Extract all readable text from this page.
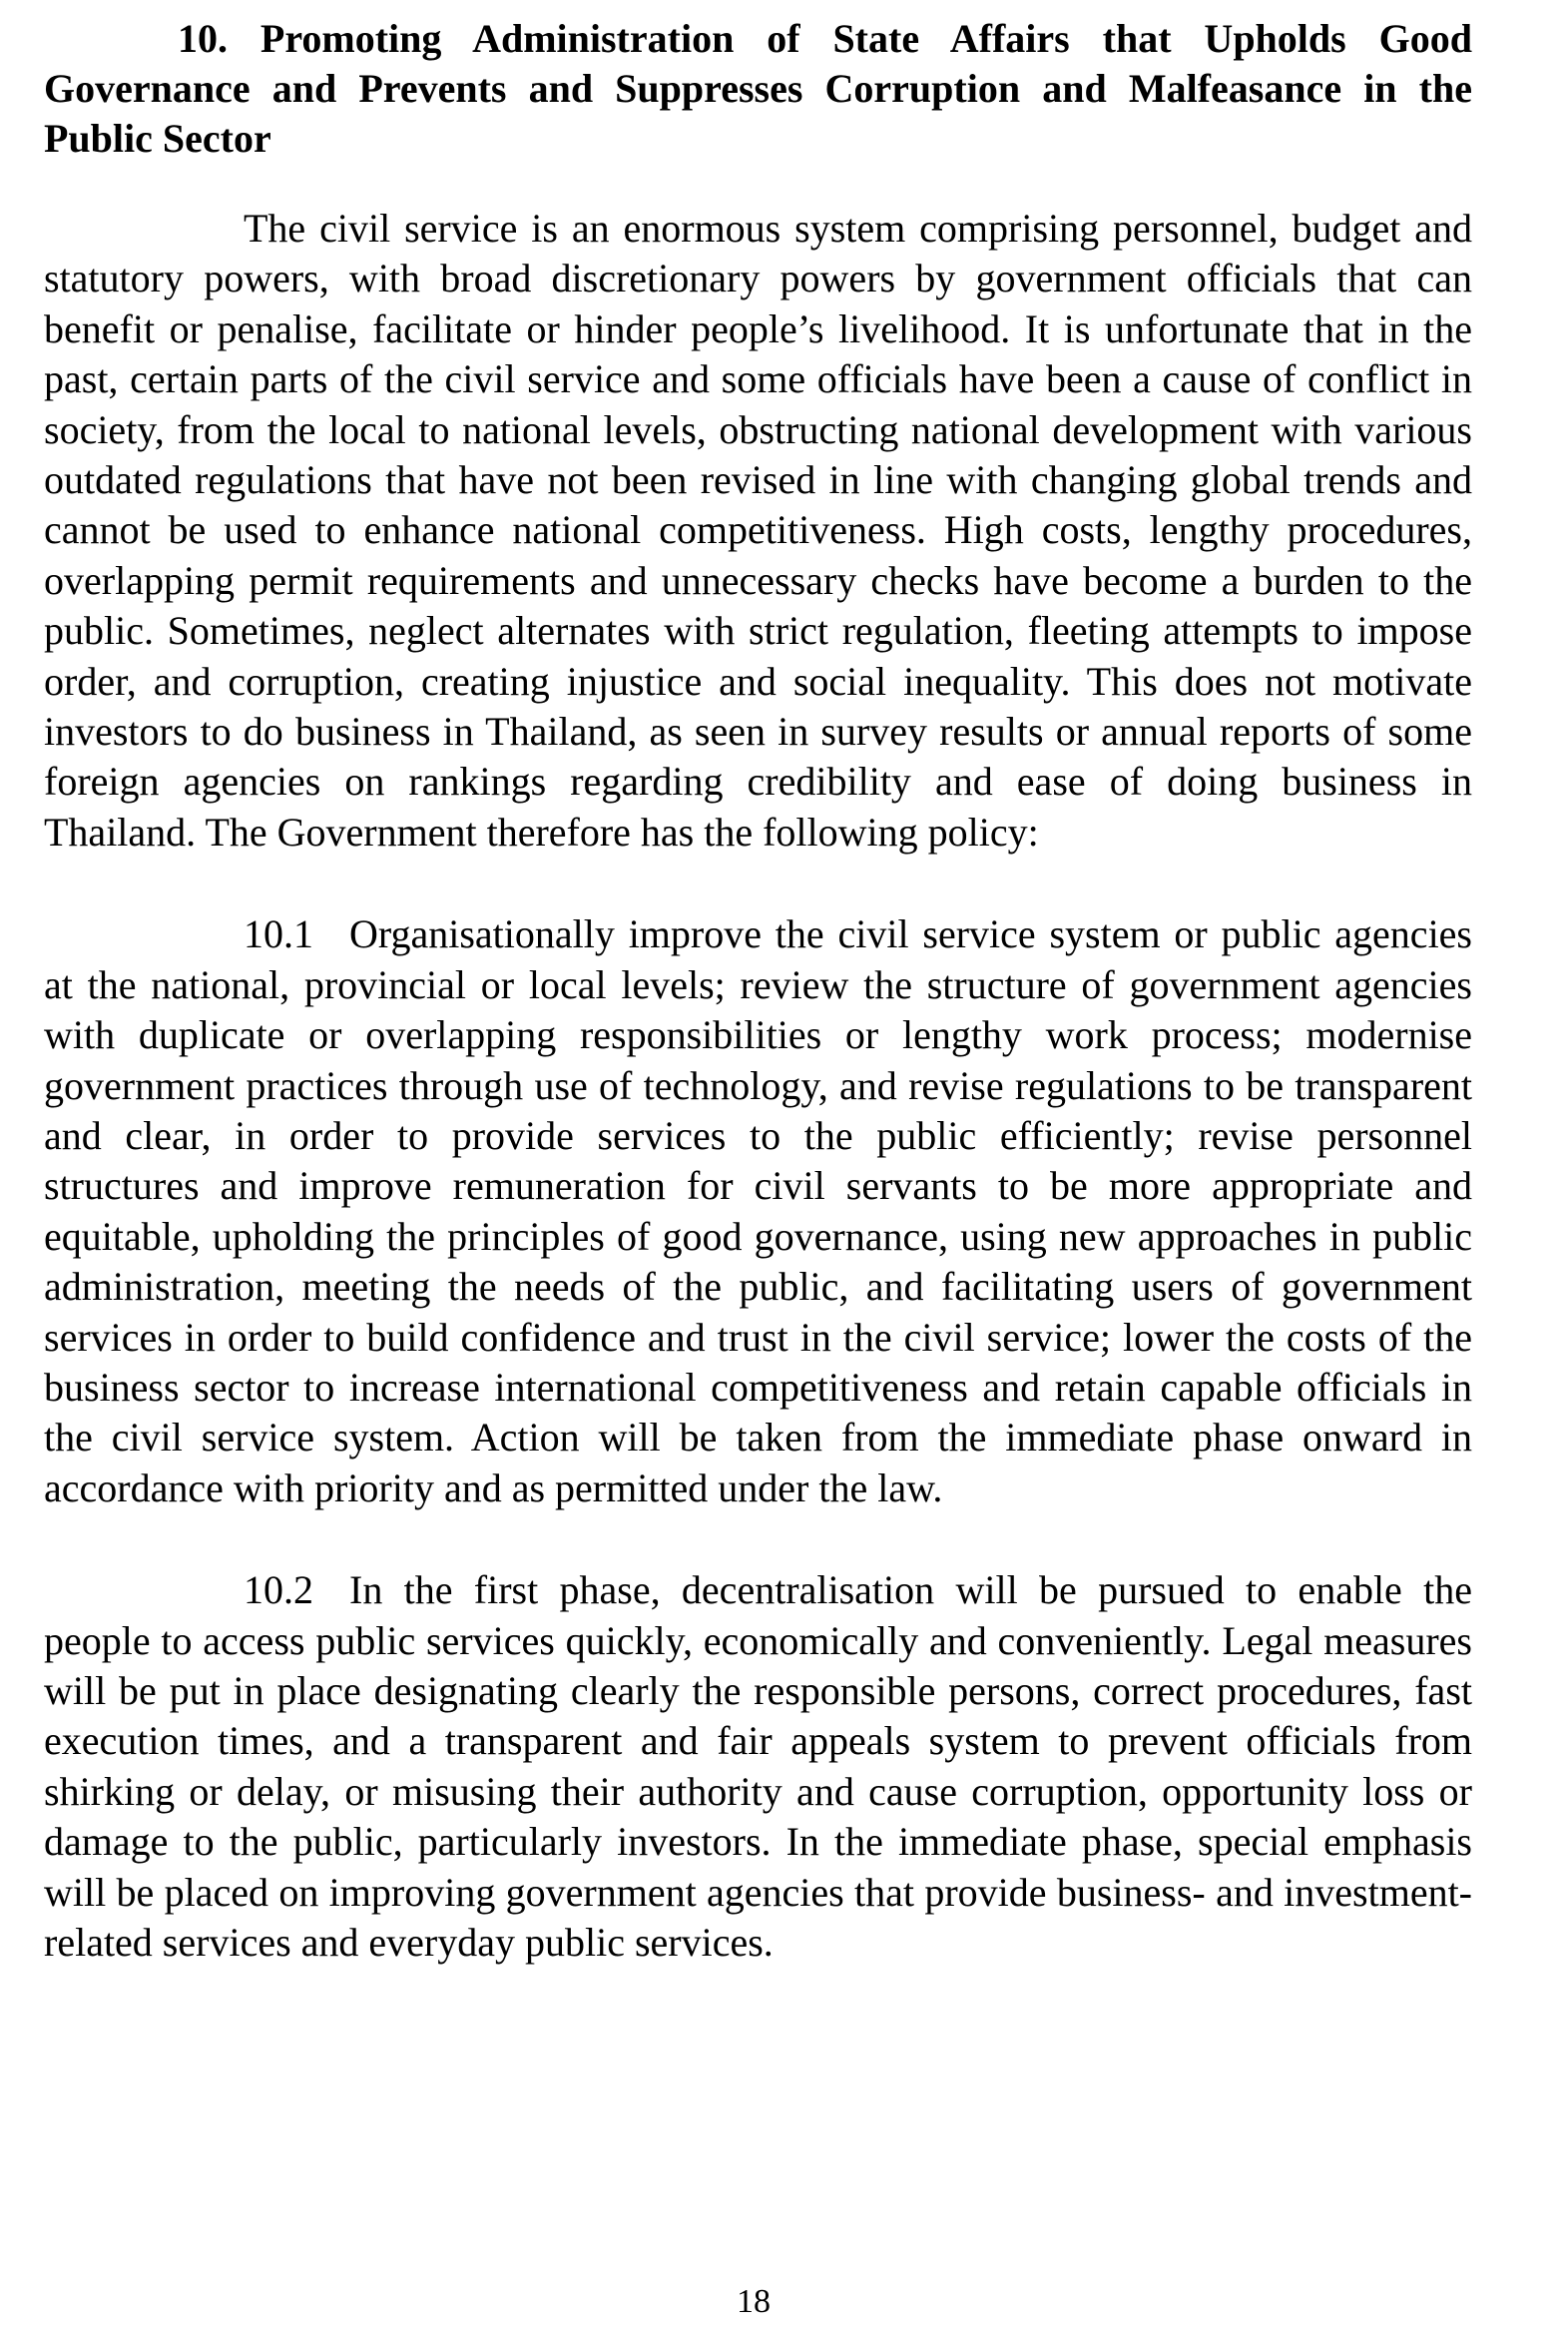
10. Promoting Administration of State Affairs that Upholds Good Governance and Prevents and Suppresses Corruption and Malfeasance in the Public Sector

The civil service is an enormous system comprising personnel, budget and statutory powers, with broad discretionary powers by government officials that can benefit or penalise, facilitate or hinder people’s livelihood. It is unfortunate that in the past, certain parts of the civil service and some officials have been a cause of conflict in society, from the local to national levels, obstructing national development with various outdated regulations that have not been revised in line with changing global trends and cannot be used to enhance national competitiveness. High costs, lengthy procedures, overlapping permit requirements and unnecessary checks have become a burden to the public. Sometimes, neglect alternates with strict regulation, fleeting attempts to impose order, and corruption, creating injustice and social inequality. This does not motivate investors to do business in Thailand, as seen in survey results or annual reports of some foreign agencies on rankings regarding credibility and ease of doing business in Thailand. The Government therefore has the following policy:

10.1 Organisationally improve the civil service system or public agencies at the national, provincial or local levels; review the structure of government agencies with duplicate or overlapping responsibilities or lengthy work process; modernise government practices through use of technology, and revise regulations to be transparent and clear, in order to provide services to the public efficiently; revise personnel structures and improve remuneration for civil servants to be more appropriate and equitable, upholding the principles of good governance, using new approaches in public administration, meeting the needs of the public, and facilitating users of government services in order to build confidence and trust in the civil service; lower the costs of the business sector to increase international competitiveness and retain capable officials in the civil service system. Action will be taken from the immediate phase onward in accordance with priority and as permitted under the law.

10.2 In the first phase, decentralisation will be pursued to enable the people to access public services quickly, economically and conveniently. Legal measures will be put in place designating clearly the responsible persons, correct procedures, fast execution times, and a transparent and fair appeals system to prevent officials from shirking or delay, or misusing their authority and cause corruption, opportunity loss or damage to the public, particularly investors. In the immediate phase, special emphasis will be placed on improving government agencies that provide business- and investment-related services and everyday public services.

18
